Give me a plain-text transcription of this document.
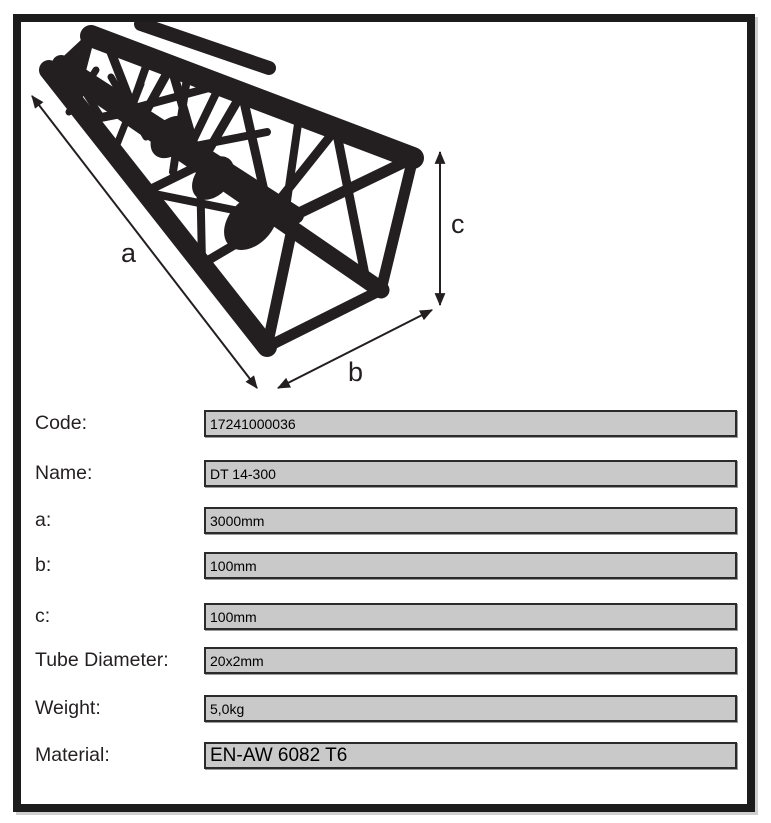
a
b
c
Code:	17241000036
Name:	DT 14-300
a:	3000mm
b:	100mm
c:	100mm
Tube Diameter:	20x2mm
Weight:	5,0kg
Material:	EN-AW 6082 T6
